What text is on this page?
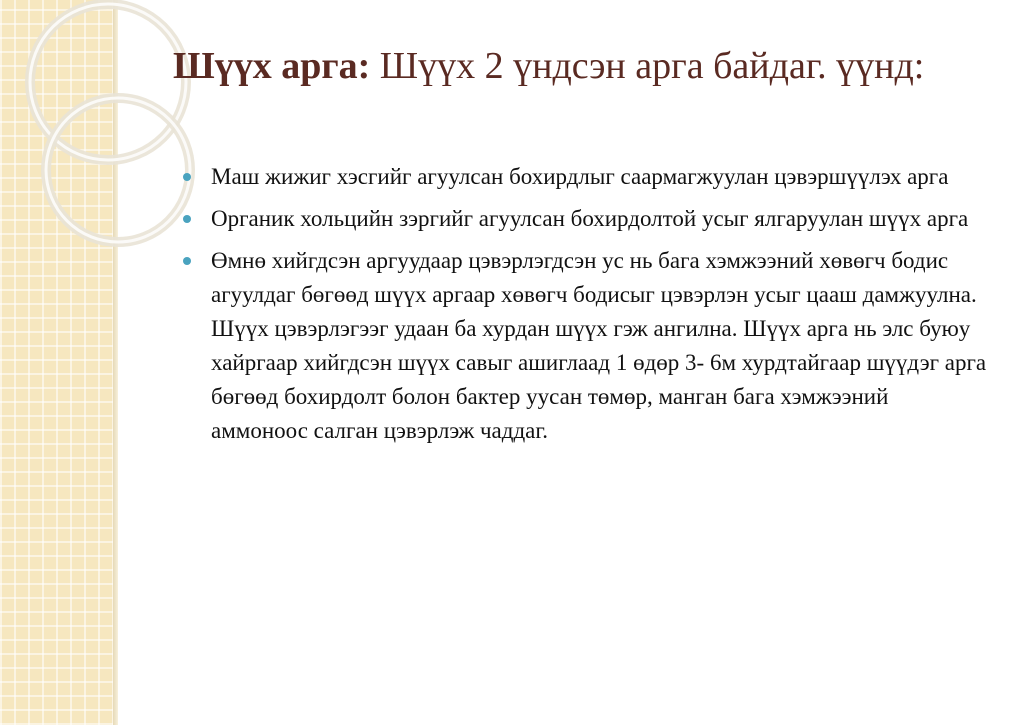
Шүүх арга: Шүүх 2 үндсэн арга байдаг. үүнд:
Маш жижиг хэсгийг агуулсан бохирдлыг саармагжуулан цэвэршүүлэх арга
Органик хольцийн зэргийг агуулсан бохирдолтой усыг ялгаруулан шүүх арга
Өмнө хийгдсэн аргуудаар цэвэрлэгдсэн ус нь бага хэмжээний хөвөгч бодис агуулдаг бөгөөд шүүх аргаар хөвөгч бодисыг цэвэрлэн усыг цааш дамжуулна. Шүүх цэвэрлэгээг удаан ба хурдан шүүх гэж ангилна. Шүүх арга нь элс буюу хайргаар хийгдсэн шүүх савыг ашиглаад 1 өдөр 3- 6м хурдтайгаар шүүдэг арга бөгөөд бохирдолт болон бактер уусан төмөр, манган бага хэмжээний аммоноос салган цэвэрлэж чаддаг.
